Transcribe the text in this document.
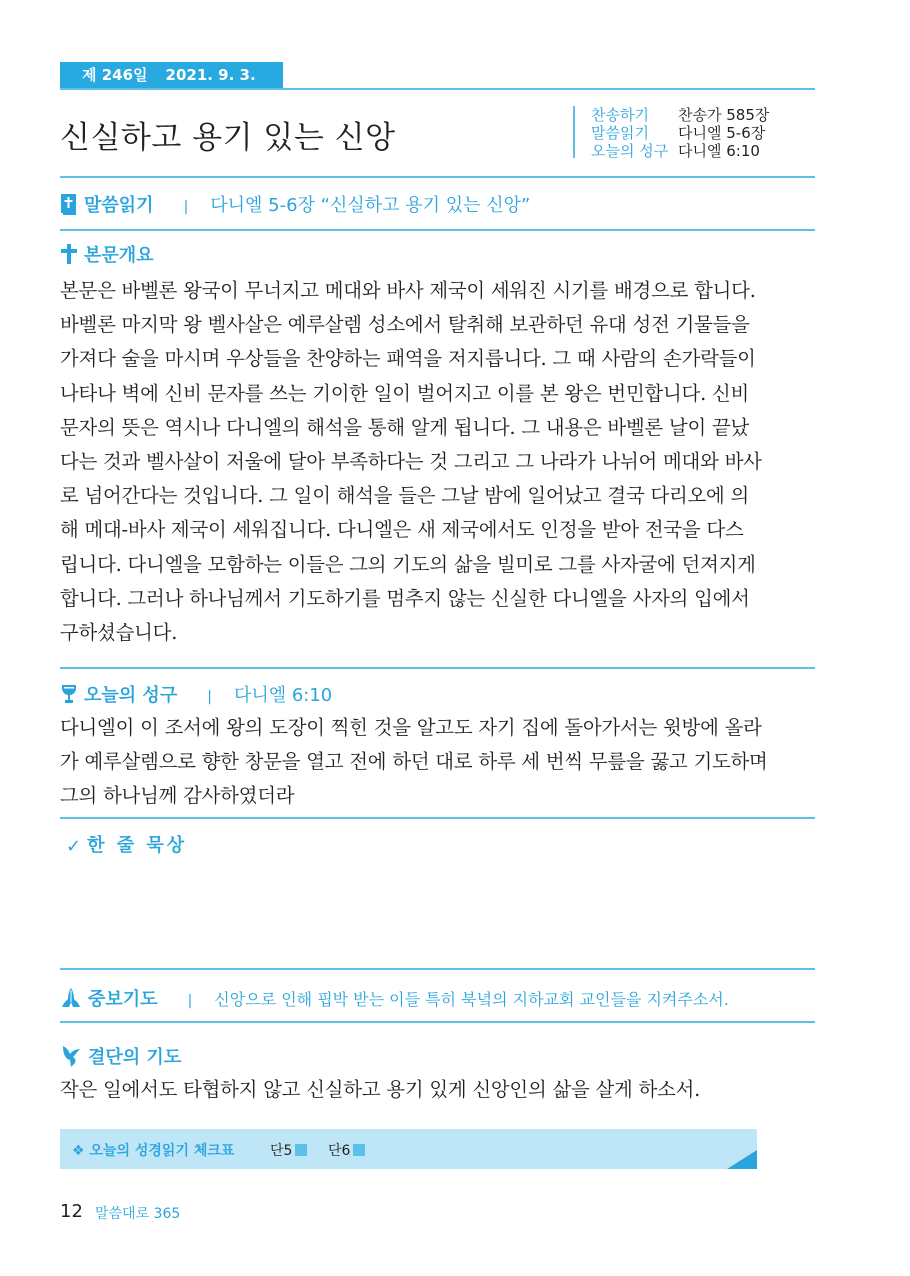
제 246일 2021. 9. 3. 금
신실하고 용기 있는 신앙
찬송하기 찬송가 585장
말씀읽기 다니엘 5-6장
오늘의 성구 다니엘 6:10
말씀읽기 | 다니엘 5-6장 “신실하고 용기 있는 신앙”
본문개요
본문은 바벨론 왕국이 무너지고 메대와 바사 제국이 세워진 시기를 배경으로 합니다.
바벨론 마지막 왕 벨사살은 예루살렘 성소에서 탈취해 보관하던 유대 성전 기물들을
가져다 술을 마시며 우상들을 찬양하는 패역을 저지릅니다. 그 때 사람의 손가락들이
나타나 벽에 신비 문자를 쓰는 기이한 일이 벌어지고 이를 본 왕은 번민합니다. 신비
문자의 뜻은 역시나 다니엘의 해석을 통해 알게 됩니다. 그 내용은 바벨론 날이 끝났
다는 것과 벨사살이 저울에 달아 부족하다는 것 그리고 그 나라가 나뉘어 메대와 바사
로 넘어간다는 것입니다. 그 일이 해석을 들은 그날 밤에 일어났고 결국 다리오에 의
해 메대-바사 제국이 세워집니다. 다니엘은 새 제국에서도 인정을 받아 전국을 다스
립니다. 다니엘을 모함하는 이들은 그의 기도의 삶을 빌미로 그를 사자굴에 던져지게
합니다. 그러나 하나님께서 기도하기를 멈추지 않는 신실한 다니엘을 사자의 입에서
구하셨습니다.
오늘의 성구 | 다니엘 6:10
다니엘이 이 조서에 왕의 도장이 찍힌 것을 알고도 자기 집에 돌아가서는 윗방에 올라
가 예루살렘으로 향한 창문을 열고 전에 하던 대로 하루 세 번씩 무릎을 꿇고 기도하며
그의 하나님께 감사하였더라
✓ 한 줄 묵상
중보기도 | 신앙으로 인해 핍박 받는 이들 특히 북녘의 지하교회 교인들을 지켜주소서.
결단의 기도
작은 일에서도 타협하지 않고 신실하고 용기 있게 신앙인의 삶을 살게 하소서.
❖ 오늘의 성경읽기 체크표	단5	단6
12 말씀대로 365
